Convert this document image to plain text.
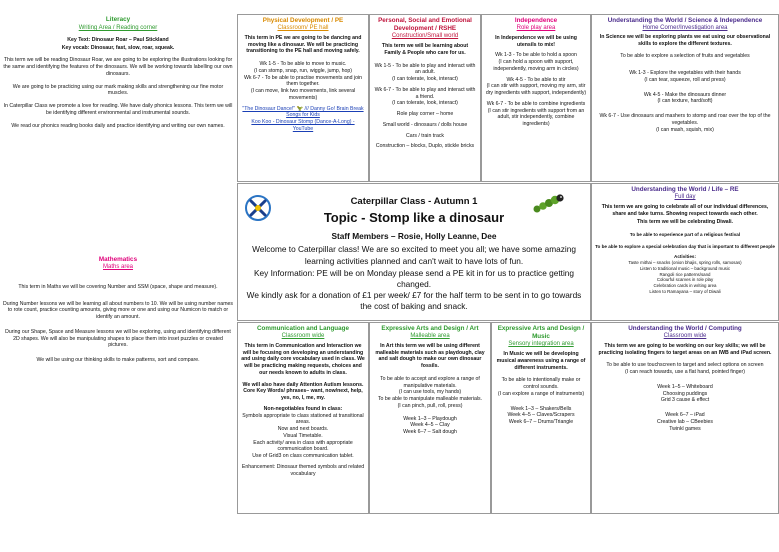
Literacy

Writing Area / Reading corner

Key Text: Dinosaur Roar – Paul Stickland

Key vocab: Dinosaur, fast, slow, roar, squeak.

This term we will be reading Dinosaur Roar, we are going to be exploring the illustrations looking for the same and identifying the features of the dinosaurs. We will be working towards labelling our own dinosaurs.

We are going to be practicing using our mark making skills and strengthening our fine motor muscles.

In Caterpillar Class we promote a love for reading. We have daily phonics lessons. This term we will be identifying different environmental and instrumental sounds.

We read our phonics reading books daily and practice identifying and writing our own names.

Physical Development / PE

Classroom/ PE hall

This term in PE we are going to be dancing and moving like a dinosaur. We will be practicing transitioning to the PE hall and moving safely.

Wk 1-5 - To be able to move to music.

(I can stomp, snap, run, wiggle, jump, hop)

Wk 6-7 - To be able to practise movements and join them together.

(I can move, link two movements, link several movements)

"The Dinosaur Dance!" 🦖 /// Danny Go! Brain Break Songs for Kids

Koo Koo - Dinosaur Stomp (Dance-A-Long) - YouTube

Personal, Social and Emotional Development / RSHE

Construction/Small world

This term we will be learning about Family & People who care for us.

Wk 1-5 - To be able to play and interact with an adult.

(I can tolerate, look, interact)

Wk 6-7 - To be able to play and interact with a friend.

(I can tolerate, look, interact)

Role play corner – home

Small world - dinosaurs / dolls house

Cars / train track

Construction – blocks, Duplo, stickle bricks

Independence

Role play area

In Independence we will be using utensils to mix!

Wk 1-3 - To be able to hold a spoon

(I can hold a spoon with support, independently, moving arm in circles)

Wk 4-5 - To be able to stir

(I can stir with support, moving my arm, stir dry ingredients with support, independently)

Wk 6-7 - To be able to combine ingredients

(I can stir ingredients with support from an adult, stir independently, combine ingredients)

Understanding the World / Science & Independence

Home Corner/Investigation area

In Science we will be exploring plants we eat using our observational skills to explore the different textures.

To be able to explore a selection of fruits and vegetables

Wk 1-3 - Explore the vegetables with their hands

(I can tear, squeeze, roll and press)

Wk 4-5 - Make the dinosaurs dinner

(I can texture, hard/soft)

Wk 6-7 - Use dinosaurs and mashers to stomp and roar over the top of the vegetables.

(I can mash, squish, mix)

Caterpillar Class - Autumn 1

Topic - Stomp like a dinosaur

Staff Members – Rosie, Holly Leanne, Dee

Welcome to Caterpillar class! We are so excited to meet you all; we have some amazing learning activities planned and can't wait to have lots of fun.

Key Information: PE will be on Monday please send a PE kit in for us to practice getting changed.

We kindly ask for a donation of £1 per week/ £7 for the half term to be sent in to go towards the cost of baking and snack.

Understanding the World / Life – RE

Full day

This term we are going to celebrate all of our individual differences, share and take turns. Showing respect towards each other.

This term we will be celebrating Diwali.

To be able to experience part of a religious festival

To be able to explore a special celebration day that is important to different people

Activities:

Taste mithai – snacks (onion bhajis, spring rolls, samosas)

Listen to traditional music – background music

Rangoli rice patterns/sand

Colourful scarves in role play

Celebration cards in writing area

Listen to Ramayana – story of Diwali

Mathematics

Maths area

This term in Maths we will be covering Number and SSM (space, shape and measure).

During Number lessons we will be learning all about numbers to 10. We will be using number names to rote count, practice counting amounts, giving more or one and using our Numicon to match or identify an amount.

During our Shape, Space and Measure lessons we will be exploring, using and identifying different 2D shapes. We will also be manipulating shapes to place them into inset puzzles or created pictures.

We will be using our thinking skills to make patterns, sort and compare.

Communication and Language

Classroom wide

This term in Communication and Interaction we will be focusing on developing an understanding and using daily core vocabulary used in class. We will be practicing making requests, choices and our needs known to adults in class.

We will also have daily Attention Autism lessons.

Core Key Words/ phrases– want, now/next, help, yes, no, I, me, my.

Non-negotiables found in class:

Symbols appropriate to class stationed at transitional areas.

Now and next boards.

Visual Timetable.

Each activity/ area in class with appropriate communication board.

Use of Grid3 on class communication tablet.

Enhancement: Dinosaur themed symbols and related vocabulary

Expressive Arts and Design / Art

Malleable area

In Art this term we will be using different malleable materials such as playdough, clay and salt dough to make our own dinosaur fossils.

To be able to accept and explore a range of manipulative materials.

(I can use tools, my hands)

To be able to manipulate malleable materials.

(I can pinch, pull, roll, press)

Week 1–3 – Playdough

Week 4–5 – Clay

Week 6–7 – Salt dough

Expressive Arts and Design / Music

Sensory integration area

In Music we will be developing musical awareness using a range of different instruments.

To be able to intentionally make or control sounds.

(I can explore a range of instruments)

Week 1–3 – Shakers/Bells

Week 4–5 – Claves/Scrapers

Week 6–7 – Drums/Triangle

Understanding the World / Computing

Classroom wide

This term we are going to be working on our key skills; we will be practicing isolating fingers to target areas on an IWB and iPad screen.

To be able to use touchscreen to target and select options on screen

(I can reach towards, use a flat hand, pointed finger)

Week 1–5 – Whiteboard

Choosing puddings

Grid 3 cause & effect

Week 6–7 – iPad

Creative lab – CBeebies

Twinkl games
